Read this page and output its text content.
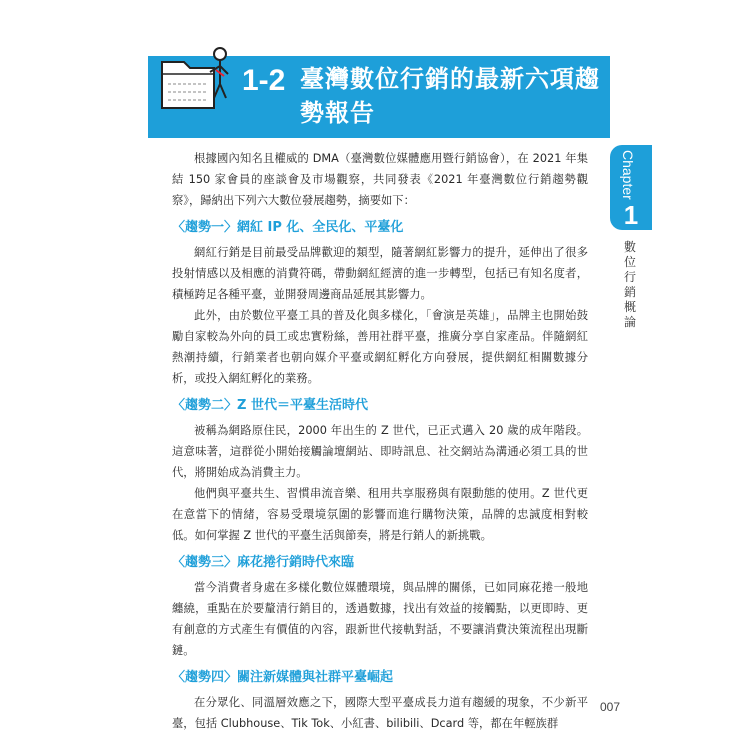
1-2 臺灣數位行銷的最新六項趨勢報告
Chapter
1
數位行銷概論

根據國內知名且權威的 DMA（臺灣數位媒體應用暨行銷協會），在 2021 年集結 150 家會員的座談會及市場觀察，共同發表《2021 年臺灣數位行銷趨勢觀察》，歸納出下列六大數位發展趨勢，摘要如下：

〈趨勢一〉網紅 IP 化、全民化、平臺化

網紅行銷是目前最受品牌歡迎的類型，隨著網紅影響力的提升，延伸出了很多投射情感以及相應的消費符碼，帶動網紅經濟的進一步轉型，包括已有知名度者，積極跨足各種平臺，並開發周邊商品延展其影響力。

此外，由於數位平臺工具的普及化與多樣化，「會演是英雄」，品牌主也開始鼓勵自家較為外向的員工或忠實粉絲，善用社群平臺，推廣分享自家產品。伴隨網紅熱潮持續，行銷業者也朝向媒介平臺或網紅孵化方向發展，提供網紅相關數據分析，或投入網紅孵化的業務。

〈趨勢二〉Z 世代＝平臺生活時代

被稱為網路原住民，2000 年出生的 Z 世代，已正式邁入 20 歲的成年階段。這意味著，這群從小開始接觸論壇網站、即時訊息、社交網站為溝通必須工具的世代，將開始成為消費主力。

他們與平臺共生、習慣串流音樂、租用共享服務與有限動態的使用。Z 世代更在意當下的情緒，容易受環境氛圍的影響而進行購物決策，品牌的忠誠度相對較低。如何掌握 Z 世代的平臺生活與節奏，將是行銷人的新挑戰。

〈趨勢三〉麻花捲行銷時代來臨

當今消費者身處在多樣化數位媒體環境，與品牌的關係，已如同麻花捲一般地纏繞，重點在於要釐清行銷目的，透過數據，找出有效益的接觸點，以更即時、更有創意的方式產生有價值的內容，跟新世代接軌對話，不要讓消費決策流程出現斷鏈。

〈趨勢四〉關注新媒體與社群平臺崛起

在分眾化、同溫層效應之下，國際大型平臺成長力道有趨緩的現象，不少新平臺，包括 Clubhouse、Tik Tok、小紅書、bilibili、Dcard 等，都在年輕族群

007
